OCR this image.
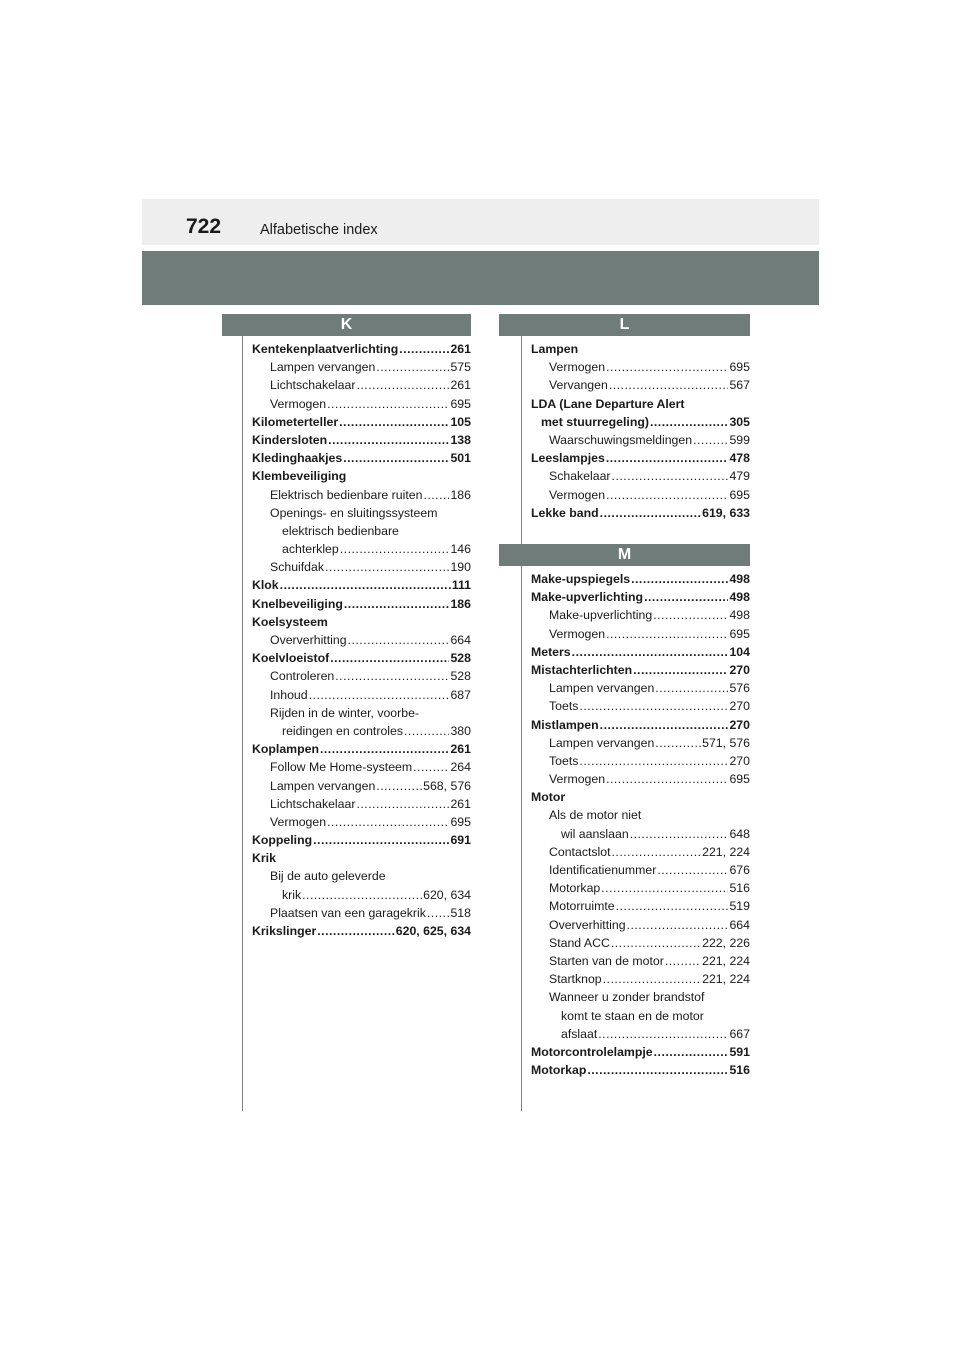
722	Alfabetische index
K	L
M
Kentekenplaatverlichting .....	261
Lampen vervangen .....	575
Lichtschakelaar .....	261
Vermogen .....	695
Kilometerteller .....	105
Kindersloten .....	138
Kledinghaakjes .....	501
Klembeveiliging
Elektrisch bedienbare ruiten ..... 186
Openings- en sluitingssysteem
elektrisch bedienbare
achterklep .....	146
Schuifdak .....	190
Klok .....	111
Knelbeveiliging .....	186
Koelsysteem
Oververhitting .....	664
Koelvloeistof .....	528
Controleren .....	528
Inhoud .....	687
Rijden in de winter, voorbe-
reidingen en controles .....	380
Koplampen .....	261
Follow Me Home-systeem .....	264
Lampen vervangen .....	568, 576
Lichtschakelaar .....	261
Vermogen .....	695
Koppeling .....	691
Krik
Bij de auto geleverde
krik .....	620, 634
Plaatsen van een garagekrik ..... 518
Krikslinger .....	620, 625, 634
Lampen
Vermogen .....	695
Vervangen .....	567
LDA (Lane Departure Alert
met stuurregeling) .....	305
Waarschuwingsmeldingen .....	599
Leeslampjes .....	478
Schakelaar .....	479
Vermogen .....	695
Lekke band .....	619, 633
Make-upspiegels .....	498
Make-upverlichting .....	498
Make-upverlichting .....	498
Vermogen .....	695
Meters .....	104
Mistachterlichten .....	270
Lampen vervangen .....	576
Toets .....	270
Mistlampen .....	270
Lampen vervangen .....	571, 576
Toets .....	270
Vermogen .....	695
Motor
Als de motor niet
wil aanslaan .....	648
Contactslot .....	221, 224
Identificatienummer .....	676
Motorkap .....	516
Motorruimte .....	519
Oververhitting .....	664
Stand ACC .....	222, 226
Starten van de motor .....	221, 224
Startknop .....	221, 224
Wanneer u zonder brandstof
komt te staan en de motor
afslaat .....	667
Motorcontrolelampje .....	591
Motorkap .....	516
